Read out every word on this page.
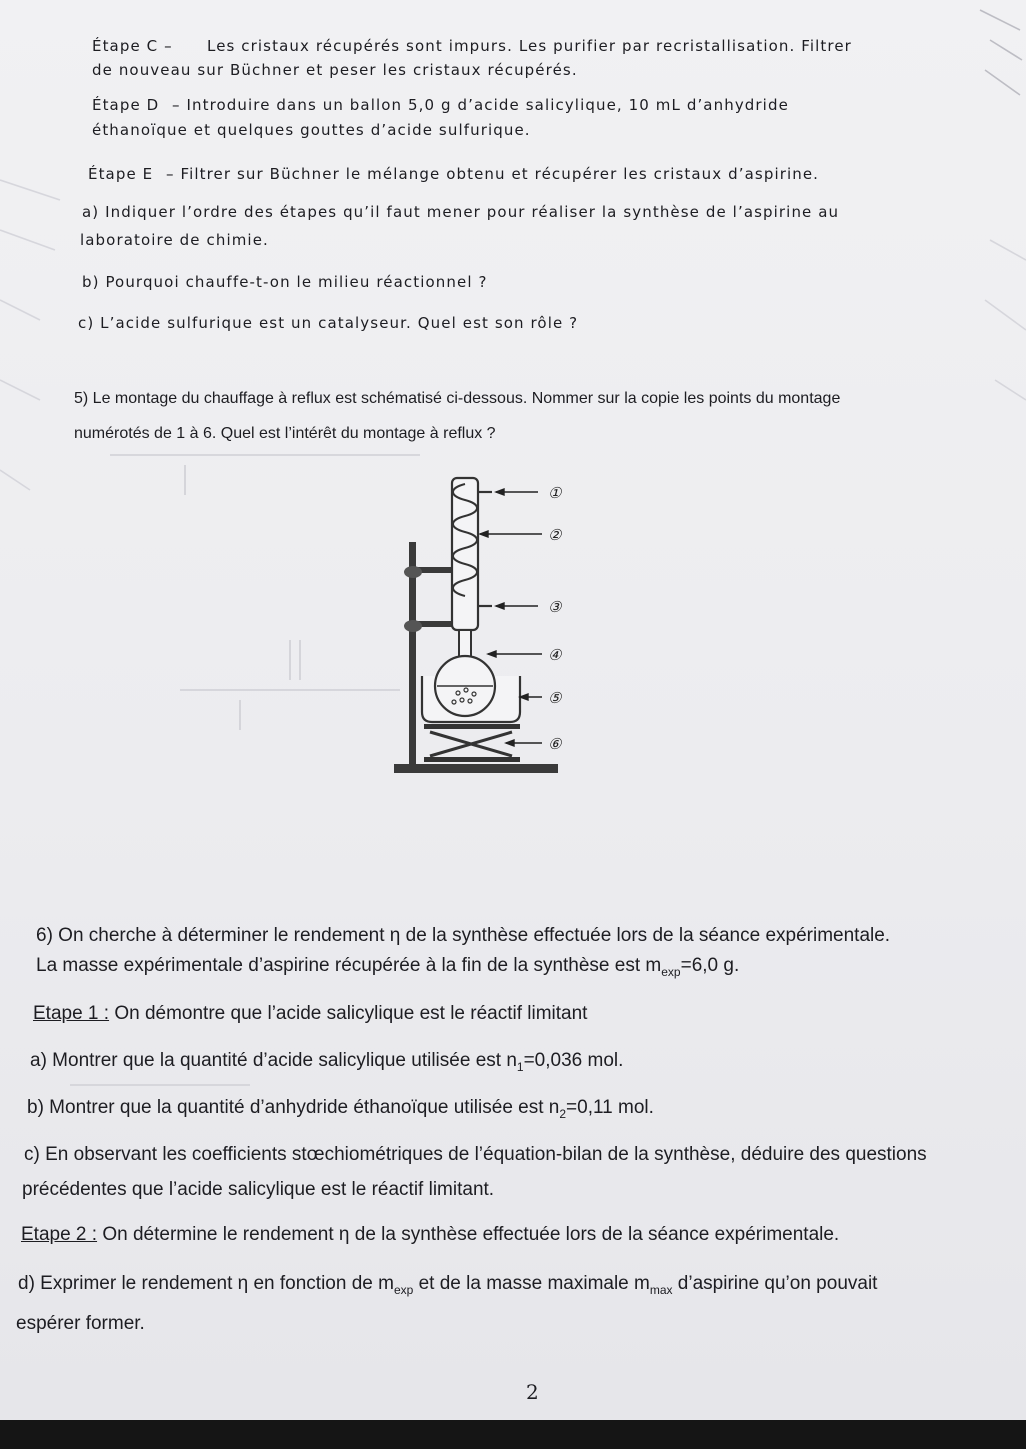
Étape C – Les cristaux récupérés sont impurs. Les purifier par recristallisation. Filtrer
de nouveau sur Büchner et peser les cristaux récupérés.
Étape D – Introduire dans un ballon 5,0 g d’acide salicylique, 10 mL d’anhydride
éthanoïque et quelques gouttes d’acide sulfurique.
Étape E – Filtrer sur Büchner le mélange obtenu et récupérer les cristaux d’aspirine.
a) Indiquer l’ordre des étapes qu’il faut mener pour réaliser la synthèse de l’aspirine au
laboratoire de chimie.
b) Pourquoi chauffe-t-on le milieu réactionnel ?
c) L’acide sulfurique est un catalyseur. Quel est son rôle ?
5) Le montage du chauffage à reflux est schématisé ci-dessous. Nommer sur la copie les points du montage
numérotés de 1 à 6. Quel est l’intérêt du montage à reflux ?
①
②
③
④
⑤
⑥
6) On cherche à déterminer le rendement η de la synthèse effectuée lors de la séance expérimentale.
La masse expérimentale d’aspirine récupérée à la fin de la synthèse est $m_{exp}=6,0$ g.
Etape 1 : On démontre que l’acide salicylique est le réactif limitant
a) Montrer que la quantité d’acide salicylique utilisée est $n_1=0,036$ mol.
b) Montrer que la quantité d’anhydride éthanoïque utilisée est $n_2=0,11$ mol.
c) En observant les coefficients stœchiométriques de l’équation-bilan de la synthèse, déduire des questions
précédentes que l’acide salicylique est le réactif limitant.
Etape 2 : On détermine le rendement η de la synthèse effectuée lors de la séance expérimentale.
d) Exprimer le rendement η en fonction de $m_{exp}$ et de la masse maximale $m_{max}$ d’aspirine qu’on pouvait
espérer former.
2
